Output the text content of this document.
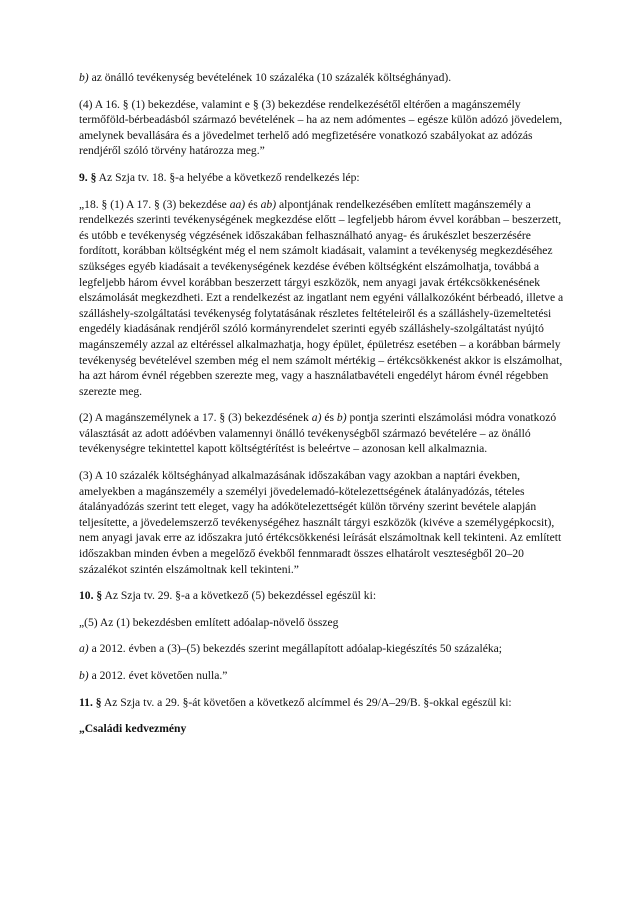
b) az önálló tevékenység bevételének 10 százaléka (10 százalék költséghányad).

(4) A 16. § (1) bekezdése, valamint e § (3) bekezdése rendelkezésétől eltérően a magánszemély termőföld-bérbeadásból származó bevételének – ha az nem adómentes – egésze külön adózó jövedelem, amelynek bevallására és a jövedelmet terhelő adó megfizetésére vonatkozó szabályokat az adózás rendjéről szóló törvény határozza meg.”

9. § Az Szja tv. 18. §-a helyébe a következő rendelkezés lép:

„18. § (1) A 17. § (3) bekezdése aa) és ab) alpontjának rendelkezésében említett magánszemély a rendelkezés szerinti tevékenységének megkezdése előtt – legfeljebb három évvel korábban – beszerzett, és utóbb e tevékenység végzésének időszakában felhasználható anyag- és árukészlet beszerzésére fordított, korábban költségként még el nem számolt kiadásait, valamint a tevékenység megkezdéséhez szükséges egyéb kiadásait a tevékenységének kezdése évében költségként elszámolhatja, továbbá a legfeljebb három évvel korábban beszerzett tárgyi eszközök, nem anyagi javak értékcsökkenésének elszámolását megkezdheti. Ezt a rendelkezést az ingatlant nem egyéni vállalkozóként bérbeadó, illetve a szálláshely-szolgáltatási tevékenység folytatásának részletes feltételeiről és a szálláshely-üzemeltetési engedély kiadásának rendjéről szóló kormányrendelet szerinti egyéb szálláshely-szolgáltatást nyújtó magánszemély azzal az eltéréssel alkalmazhatja, hogy épület, épületrész esetében – a korábban bármely tevékenység bevételével szemben még el nem számolt mértékig – értékcsökkenést akkor is elszámolhat, ha azt három évnél régebben szerezte meg, vagy a használatbavételi engedélyt három évnél régebben szerezte meg.

(2) A magánszemélynek a 17. § (3) bekezdésének a) és b) pontja szerinti elszámolási módra vonatkozó választását az adott adóévben valamennyi önálló tevékenységből származó bevételére – az önálló tevékenységre tekintettel kapott költségtérítést is beleértve – azonosan kell alkalmaznia.

(3) A 10 százalék költséghányad alkalmazásának időszakában vagy azokban a naptári években, amelyekben a magánszemély a személyi jövedelemadó-kötelezettségének átalányadózás, tételes átalányadózás szerint tett eleget, vagy ha adókötelezettségét külön törvény szerint bevétele alapján teljesítette, a jövedelemszerző tevékenységéhez használt tárgyi eszközök (kivéve a személygépkocsit), nem anyagi javak erre az időszakra jutó értékcsökkenési leírását elszámoltnak kell tekinteni. Az említett időszakban minden évben a megelőző évekből fennmaradt összes elhatárolt veszteségből 20–20 százalékot szintén elszámoltnak kell tekinteni.”

10. § Az Szja tv. 29. §-a a következő (5) bekezdéssel egészül ki:

„(5) Az (1) bekezdésben említett adóalap-növelő összeg

a) a 2012. évben a (3)–(5) bekezdés szerint megállapított adóalap-kiegészítés 50 százaléka;

b) a 2012. évet követően nulla.”

11. § Az Szja tv. a 29. §-át követően a következő alcímmel és 29/A–29/B. §-okkal egészül ki:

„Családi kedvezmény
